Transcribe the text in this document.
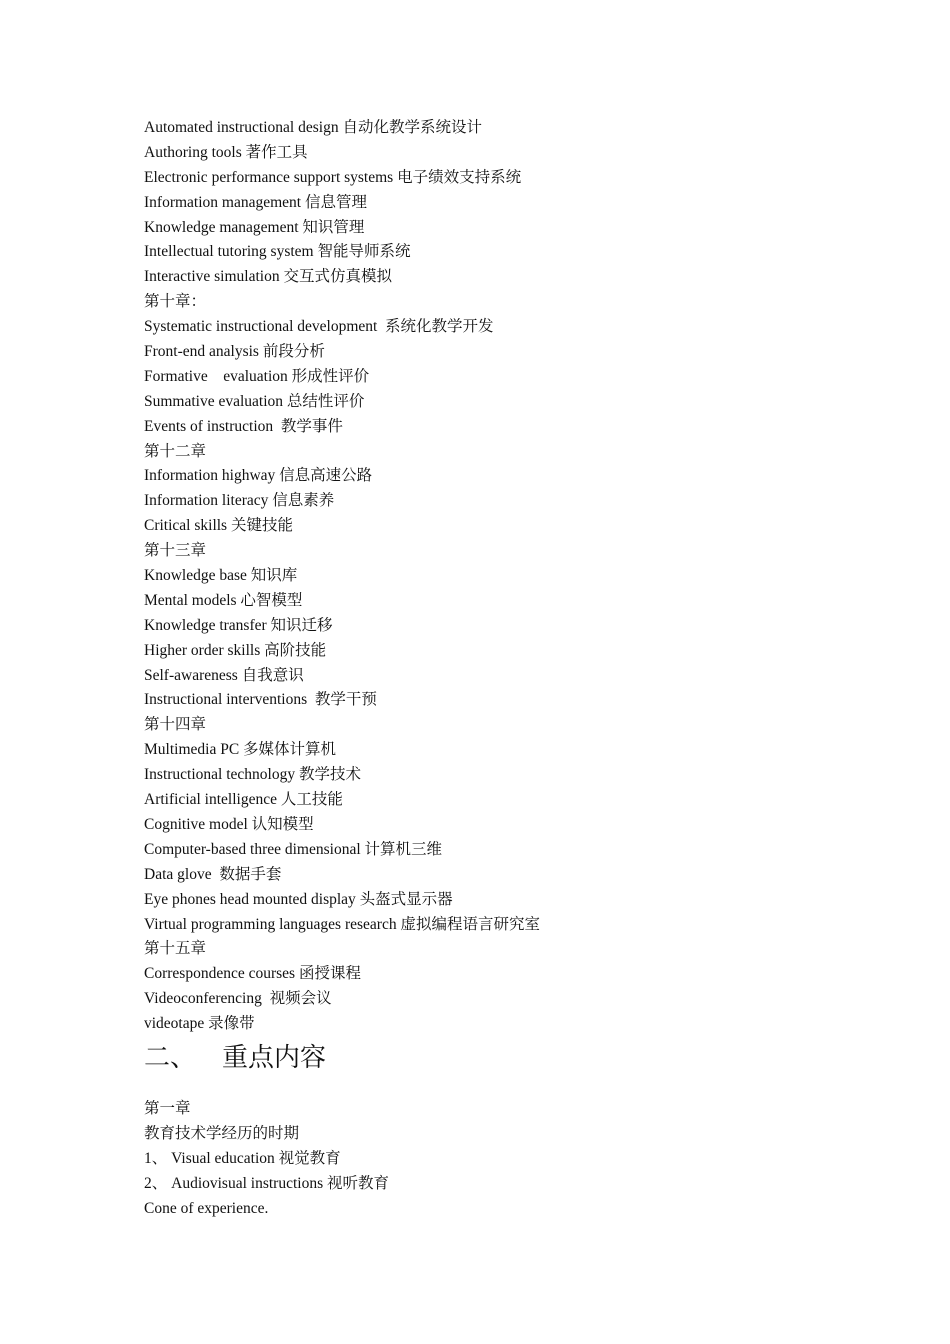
Automated instructional design 自动化教学系统设计
Authoring tools 著作工具
Electronic performance support systems 电子绩效支持系统
Information management 信息管理
Knowledge management 知识管理
Intellectual tutoring system 智能导师系统
Interactive simulation 交互式仿真模拟
第十章：
Systematic instructional development  系统化教学开发
Front-end analysis 前段分析
Formative    evaluation 形成性评价
Summative evaluation 总结性评价
Events of instruction  教学事件
第十二章
Information highway 信息高速公路
Information literacy 信息素养
Critical skills 关键技能
第十三章
Knowledge base 知识库
Mental models 心智模型
Knowledge transfer 知识迁移
Higher order skills 高阶技能
Self-awareness 自我意识
Instructional interventions  教学干预
第十四章
Multimedia PC 多媒体计算机
Instructional technology 教学技术
Artificial intelligence 人工技能
Cognitive model 认知模型
Computer-based three dimensional 计算机三维
Data glove  数据手套
Eye phones head mounted display 头盔式显示器
Virtual programming languages research 虚拟编程语言研究室
第十五章
Correspondence courses 函授课程
Videoconferencing  视频会议
videotape 录像带
二、    重点内容
第一章
教育技术学经历的时期
1、 Visual education 视觉教育
2、 Audiovisual instructions 视听教育
Cone of experience.
